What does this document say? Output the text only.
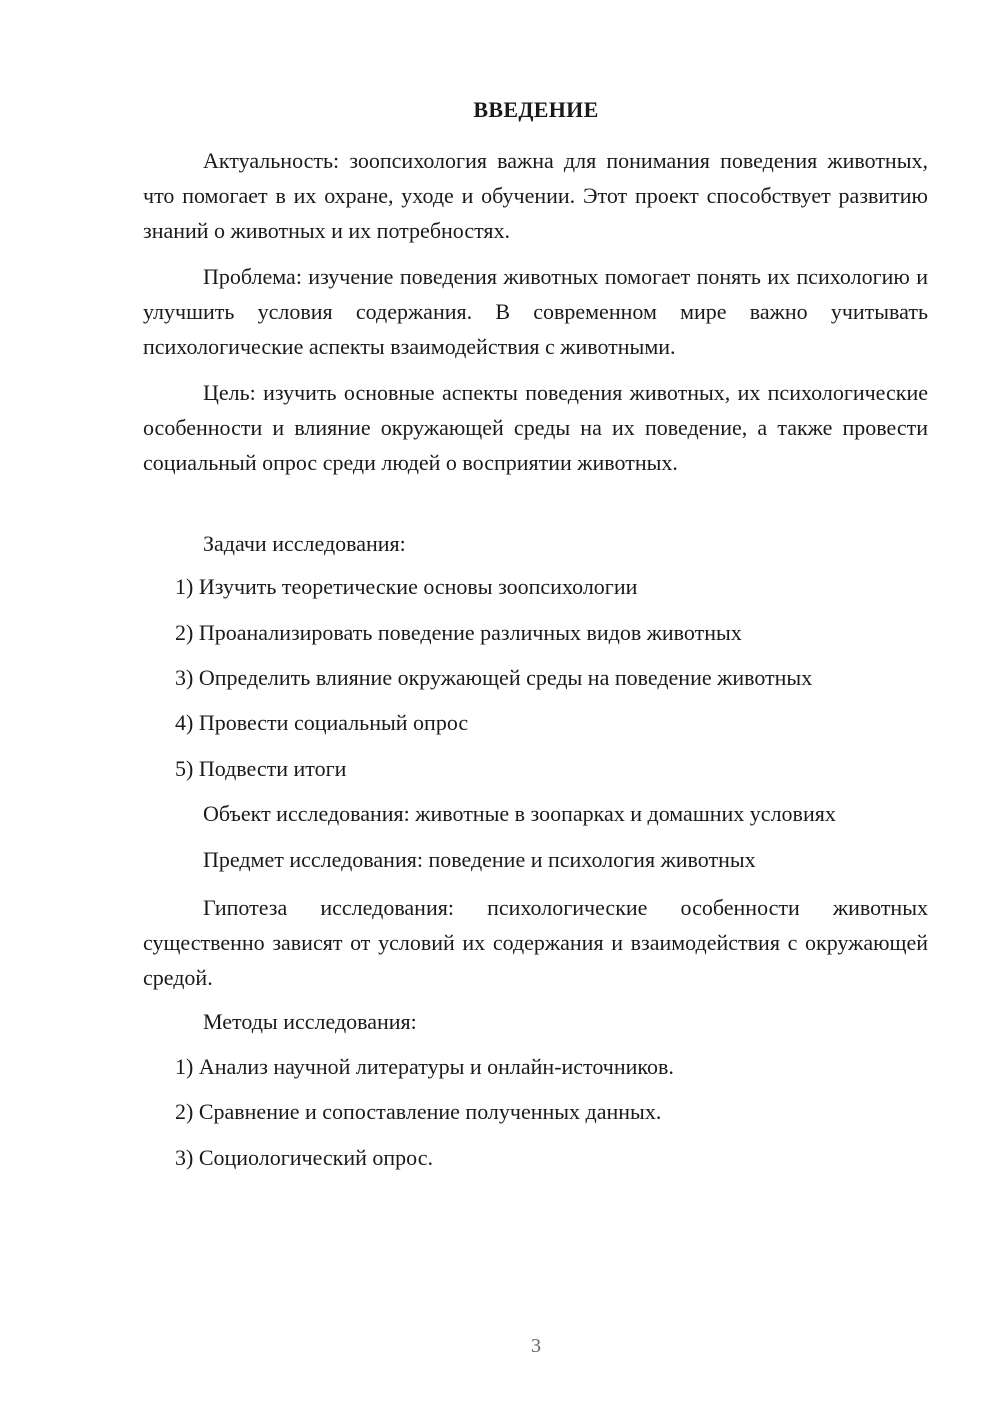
ВВЕДЕНИЕ

Актуальность: зоопсихология важна для понимания поведения животных, что помогает в их охране, уходе и обучении. Этот проект способствует развитию знаний о животных и их потребностях.

Проблема: изучение поведения животных помогает понять их психологию и улучшить условия содержания. В современном мире важно учитывать психологические аспекты взаимодействия с животными.

Цель: изучить основные аспекты поведения животных, их психологические особенности и влияние окружающей среды на их поведение, а также провести социальный опрос среди людей о восприятии животных.

Задачи исследования:

1) Изучить теоретические основы зоопсихологии

2) Проанализировать поведение различных видов животных

3) Определить влияние окружающей среды на поведение животных

4) Провести социальный опрос

5) Подвести итоги

Объект исследования: животные в зоопарках и домашних условиях

Предмет исследования: поведение и психология животных

Гипотеза исследования: психологические особенности животных существенно зависят от условий их содержания и взаимодействия с окружающей средой.

Методы исследования:

1) Анализ научной литературы и онлайн-источников.

2) Сравнение и сопоставление полученных данных.

3) Социологический опрос.

3
